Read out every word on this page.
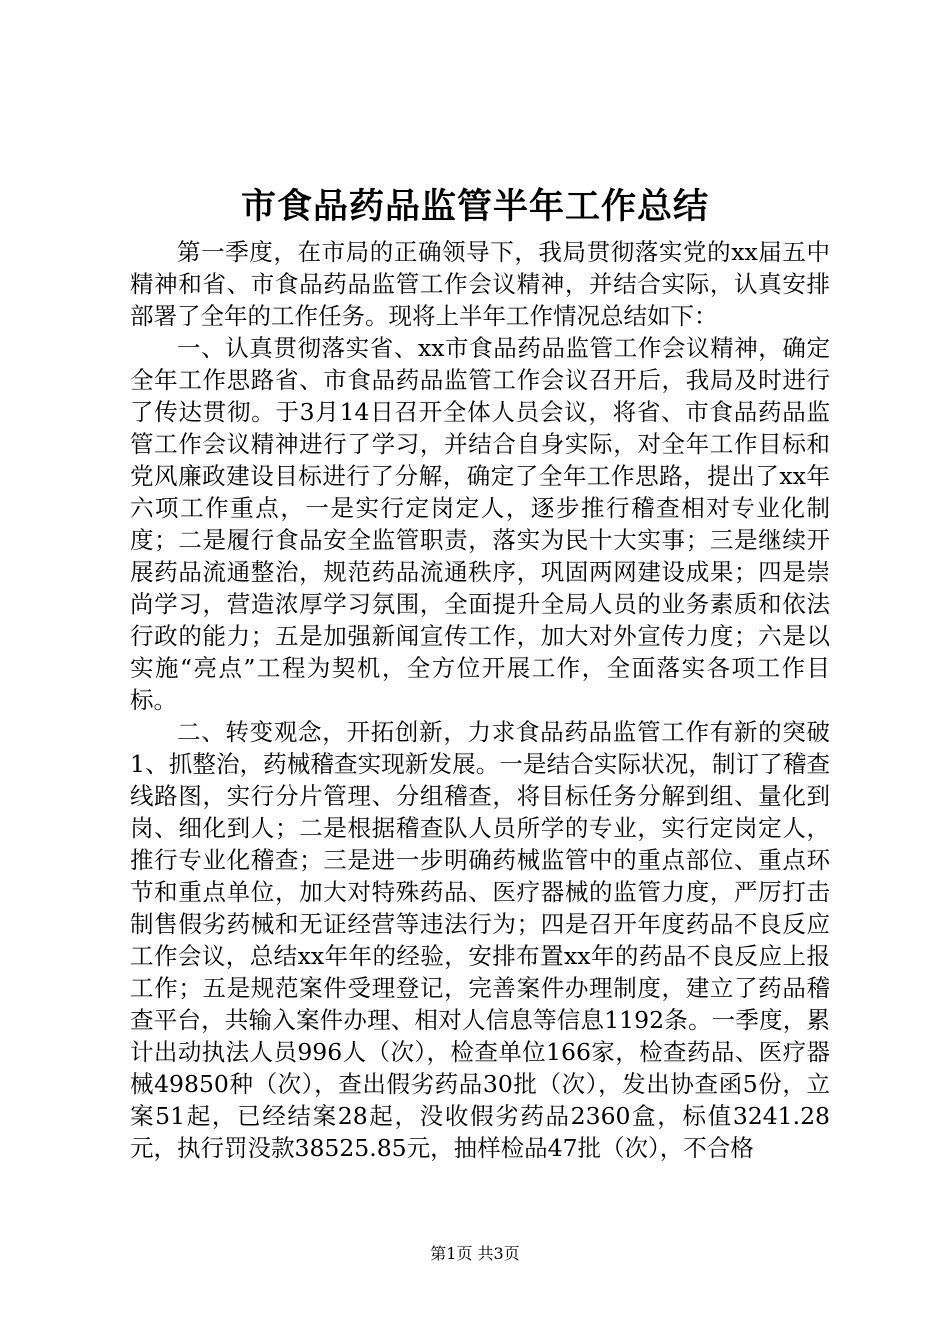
市食品药品监管半年工作总结

第一季度，在市局的正确领导下，我局贯彻落实党的xx届五中精神和省、市食品药品监管工作会议精神，并结合实际，认真安排部署了全年的工作任务。现将上半年工作情况总结如下：

一、认真贯彻落实省、xx市食品药品监管工作会议精神，确定全年工作思路省、市食品药品监管工作会议召开后，我局及时进行了传达贯彻。于3月14日召开全体人员会议，将省、市食品药品监管工作会议精神进行了学习，并结合自身实际，对全年工作目标和党风廉政建设目标进行了分解，确定了全年工作思路，提出了xx年六项工作重点，一是实行定岗定人，逐步推行稽查相对专业化制度；二是履行食品安全监管职责，落实为民十大实事；三是继续开展药品流通整治，规范药品流通秩序，巩固两网建设成果；四是崇尚学习，营造浓厚学习氛围，全面提升全局人员的业务素质和依法行政的能力；五是加强新闻宣传工作，加大对外宣传力度；六是以实施“亮点”工程为契机，全方位开展工作，全面落实各项工作目标。

二、转变观念，开拓创新，力求食品药品监管工作有新的突破1、抓整治，药械稽查实现新发展。一是结合实际状况，制订了稽查线路图，实行分片管理、分组稽查，将目标任务分解到组、量化到岗、细化到人；二是根据稽查队人员所学的专业，实行定岗定人，推行专业化稽查；三是进一步明确药械监管中的重点部位、重点环节和重点单位，加大对特殊药品、医疗器械的监管力度，严厉打击制售假劣药械和无证经营等违法行为；四是召开年度药品不良反应工作会议，总结xx年年的经验，安排布置xx年的药品不良反应上报工作；五是规范案件受理登记，完善案件办理制度，建立了药品稽查平台，共输入案件办理、相对人信息等信息1192条。一季度，累计出动执法人员996人（次），检查单位166家，检查药品、医疗器械49850种（次），查出假劣药品30批（次），发出协查函5份，立案51起，已经结案28起，没收假劣药品2360盒，标值3241.28元，执行罚没款38525.85元，抽样检品47批（次），不合格

第1页 共3页
